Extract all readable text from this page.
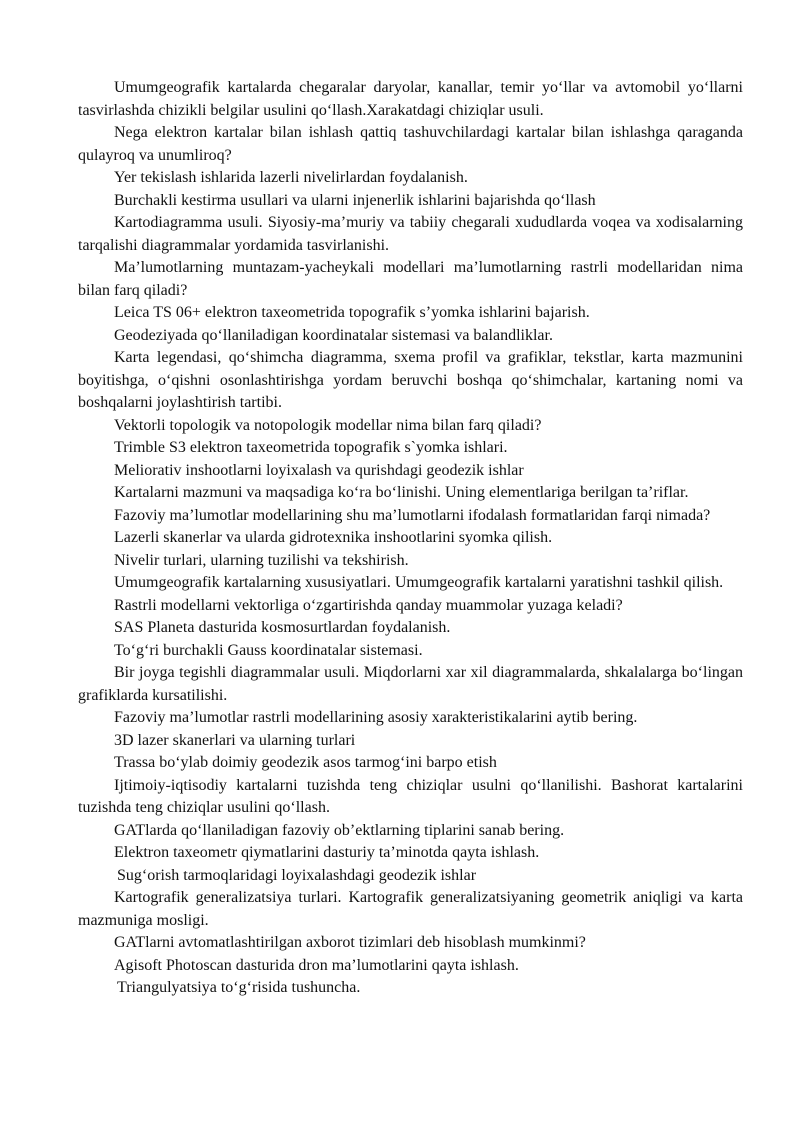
Umumgeografik kartalarda chegaralar daryolar, kanallar, temir yo‘llar va avtomobil yo‘llarni tasvirlashda chizikli belgilar usulini qo‘llash.Xarakatdagi chiziqlar usuli.

Nega elektron kartalar bilan ishlash qattiq tashuvchilardagi kartalar bilan ishlashga qaraganda qulayroq va unumliroq?

Yer tekislash ishlarida lazerli nivelirlardan foydalanish.

Burchakli kestirma usullari va ularni injenerlik ishlarini bajarishda qo‘llash

Kartodiagramma usuli. Siyosiy-ma’muriy va tabiiy chegarali xududlarda voqea va xodisalarning tarqalishi diagrammalar yordamida tasvirlanishi.

Ma’lumotlarning muntazam-yacheykali modellari ma’lumotlarning rastrli modellaridan nima bilan farq qiladi?

Leica TS 06+ elektron taxeometrida topografik s’yomka ishlarini bajarish.

Geodeziyada qo‘llaniladigan koordinatalar sistemasi va balandliklar.

Karta legendasi, qo‘shimcha diagramma, sxema profil va grafiklar, tekstlar, karta mazmunini boyitishga, o‘qishni osonlashtirishga yordam beruvchi boshqa qo‘shimchalar, kartaning nomi va boshqalarni joylashtirish tartibi.

Vektorli topologik va notopologik modellar nima bilan farq qiladi?

Trimble S3 elektron taxeometrida topografik s`yomka ishlari.

Meliorativ inshootlarni loyixalash va qurishdagi geodezik ishlar

Kartalarni mazmuni va maqsadiga ko‘ra bo‘linishi. Uning elementlariga berilgan ta’riflar.

Fazoviy ma’lumotlar modellarining shu ma’lumotlarni ifodalash formatlaridan farqi nimada?

Lazerli skanerlar va ularda gidrotexnika inshootlarini syomka qilish.

Nivelir turlari, ularning tuzilishi va tekshirish.

Umumgeografik kartalarning xususiyatlari. Umumgeografik kartalarni yaratishni tashkil qilish.

Rastrli modellarni vektorliga o‘zgartirishda qanday muammolar yuzaga keladi?

SAS Planeta dasturida kosmosurtlardan foydalanish.

To‘g‘ri burchakli Gauss koordinatalar sistemasi.

Bir joyga tegishli diagrammalar usuli. Miqdorlarni xar xil diagrammalarda, shkalalarga bo‘lingan grafiklarda kursatilishi.

Fazoviy ma’lumotlar rastrli modellarining asosiy xarakteristikalarini aytib bering.

3D lazer skanerlari va ularning turlari

Trassa bo‘ylab doimiy geodezik asos tarmog‘ini barpo etish

Ijtimoiy-iqtisodiy kartalarni tuzishda teng chiziqlar usulni qo‘llanilishi. Bashorat kartalarini tuzishda teng chiziqlar usulini qo‘llash.

GATlarda qo‘llaniladigan fazoviy ob’ektlarning tiplarini sanab bering.

Elektron taxeometr qiymatlarini dasturiy ta’minotda qayta ishlash.

Sug‘orish tarmoqlaridagi loyixalashdagi geodezik ishlar

Kartografik generalizatsiya turlari. Kartografik generalizatsiyaning geometrik aniqligi va karta mazmuniga mosligi.

GATlarni avtomatlashtirilgan axborot tizimlari deb hisoblash mumkinmi?

Agisoft Photoscan dasturida dron ma’lumotlarini qayta ishlash.

Triangulyatsiya to‘g‘risida tushuncha.
